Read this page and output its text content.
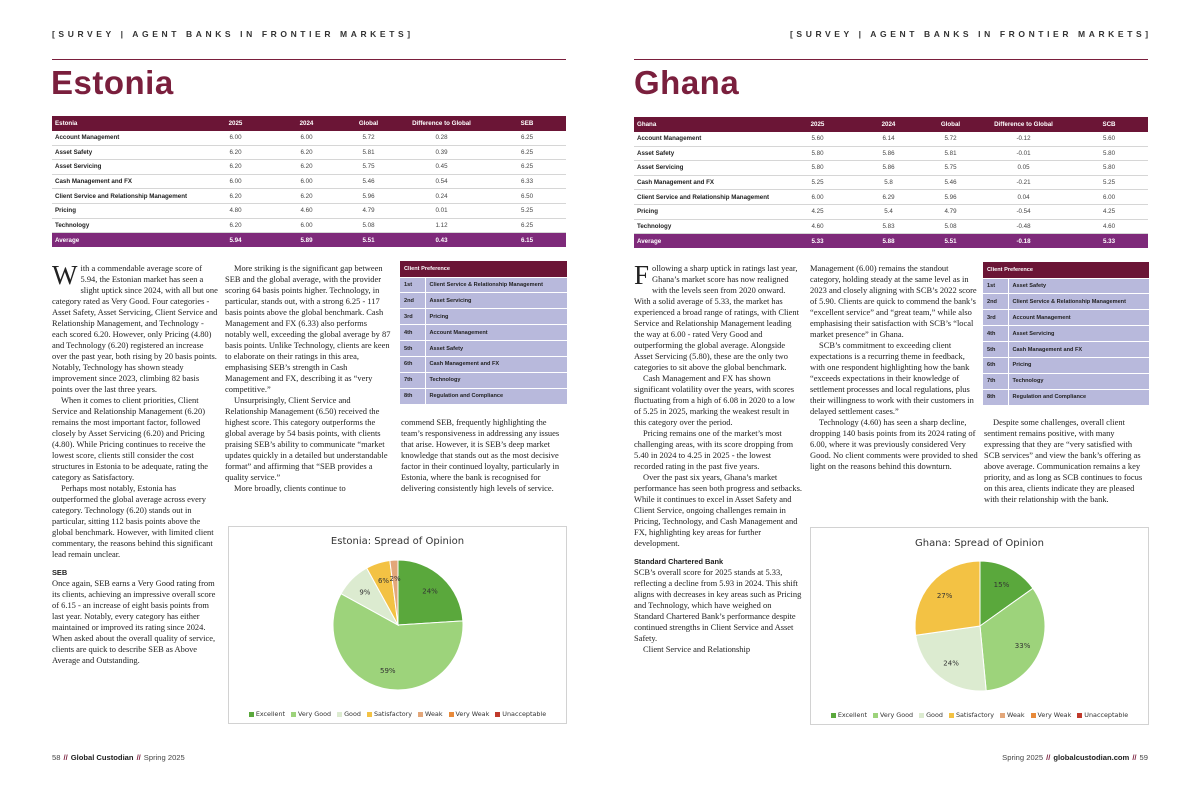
[SURVEY | AGENT BANKS IN FRONTIER MARKETS]	[SURVEY | AGENT BANKS IN FRONTIER MARKETS]
Estonia	Ghana
Estonia	2025	2024	Global	Difference to Global	SEB
Account Management	6.00	6.00	5.72	0.28	6.25
Asset Safety	6.20	6.20	5.81	0.39	6.25
Asset Servicing	6.20	6.20	5.75	0.45	6.25
Cash Management and FX	6.00	6.00	5.46	0.54	6.33
Client Service and Relationship Management	6.20	6.20	5.96	0.24	6.50
Pricing	4.80	4.60	4.79	0.01	5.25
Technology	6.20	6.00	5.08	1.12	6.25
Average	5.94	5.89	5.51	0.43	6.15
Ghana	2025	2024	Global	Difference to Global	SCB
Account Management	5.60	6.14	5.72	-0.12	5.60
Asset Safety	5.80	5.86	5.81	-0.01	5.80
Asset Servicing	5.80	5.86	5.75	0.05	5.80
Cash Management and FX	5.25	5.8	5.46	-0.21	5.25
Client Service and Relationship Management	6.00	6.29	5.96	0.04	6.00
Pricing	4.25	5.4	4.79	-0.54	4.25
Technology	4.60	5.83	5.08	-0.48	4.60
Average	5.33	5.88	5.51	-0.18	5.33

With a commendable average score of 5.94, the Estonian market has seen a slight uptick since 2024, with all but one category rated as Very Good. Four categories - Asset Safety, Asset Servicing, Client Service and Relationship Management, and Technology - each scored 6.20. However, only Pricing (4.80) and Technology (6.20) registered an increase over the past year, both rising by 20 basis points. Notably, Technology has shown steady improvement since 2023, climbing 82 basis points over the last three years.

When it comes to client priorities, Client Service and Relationship Management (6.20) remains the most important factor, followed closely by Asset Servicing (6.20) and Pricing (4.80). While Pricing continues to receive the lowest score, clients still consider the cost structures in Estonia to be adequate, rating the category as Satisfactory.

Perhaps most notably, Estonia has outperformed the global average across every category. Technology (6.20) stands out in particular, sitting 112 basis points above the global benchmark. However, with limited client commentary, the reasons behind this significant lead remain unclear.

SEB

Once again, SEB earns a Very Good rating from its clients, achieving an impressive overall score of 6.15 - an increase of eight basis points from last year. Notably, every category has either maintained or improved its rating since 2024. When asked about the overall quality of service, clients are quick to describe SEB as Above Average and Outstanding.

More striking is the significant gap between SEB and the global average, with the provider scoring 64 basis points higher. Technology, in particular, stands out, with a strong 6.25 - 117 basis points above the global benchmark. Cash Management and FX (6.33) also performs notably well, exceeding the global average by 87 basis points. Unlike Technology, clients are keen to elaborate on their ratings in this area, emphasising SEB’s strength in Cash Management and FX, describing it as “very competitive.”

Unsurprisingly, Client Service and Relationship Management (6.50) received the highest score. This category outperforms the global average by 54 basis points, with clients praising SEB’s ability to communicate “market updates quickly in a detailed but understandable format” and affirming that “SEB provides a quality service.”

More broadly, clients continue to

commend SEB, frequently highlighting the team’s responsiveness in addressing any issues that arise. However, it is SEB’s deep market knowledge that stands out as the most decisive factor in their continued loyalty, particularly in Estonia, where the bank is recognised for delivering consistently high levels of service.

Client Preference	
1st	Client Service & Relationship Management
2nd	Asset Servicing
3rd	Pricing
4th	Account Management
5th	Asset Safety
6th	Cash Management and FX
7th	Technology
8th	Regulation and Compliance

Following a sharp uptick in ratings last year, Ghana’s market score has now realigned with the levels seen from 2020 onward. With a solid average of 5.33, the market has experienced a broad range of ratings, with Client Service and Relationship Management leading the way at 6.00 - rated Very Good and outperforming the global average. Alongside Asset Servicing (5.80), these are the only two categories to sit above the global benchmark.

Cash Management and FX has shown significant volatility over the years, with scores fluctuating from a high of 6.08 in 2020 to a low of 5.25 in 2025, marking the weakest result in this category over the period.

Pricing remains one of the market’s most challenging areas, with its score dropping from 5.40 in 2024 to 4.25 in 2025 - the lowest recorded rating in the past five years.

Over the past six years, Ghana’s market performance has seen both progress and setbacks. While it continues to excel in Asset Safety and Client Service, ongoing challenges remain in Pricing, Technology, and Cash Management and FX, highlighting key areas for further development.

Standard Chartered Bank

SCB’s overall score for 2025 stands at 5.33, reflecting a decline from 5.93 in 2024. This shift aligns with decreases in key areas such as Pricing and Technology, which have weighed on Standard Chartered Bank’s performance despite continued strengths in Client Service and Asset Safety.

Client Service and Relationship

Management (6.00) remains the standout category, holding steady at the same level as in 2023 and closely aligning with SCB’s 2022 score of 5.90. Clients are quick to commend the bank’s “excellent service” and “great team,” while also emphasising their satisfaction with SCB’s “local market presence” in Ghana.

SCB’s commitment to exceeding client expectations is a recurring theme in feedback, with one respondent highlighting how the bank “exceeds expectations in their knowledge of settlement processes and local regulations, plus their willingness to work with their customers in delayed settlement cases.”

Technology (4.60) has seen a sharp decline, dropping 140 basis points from its 2024 rating of 6.00, where it was previously considered Very Good. No client comments were provided to shed light on the reasons behind this downturn.

Despite some challenges, overall client sentiment remains positive, with many expressing that they are “very satisfied with SCB services” and view the bank’s offering as above average. Communication remains a key priority, and as long as SCB continues to focus on this area, clients indicate they are pleased with their relationship with the bank.

Client Preference	
1st	Asset Safety
2nd	Client Service & Relationship Management
3rd	Account Management
4th	Asset Servicing
5th	Cash Management and FX
6th	Pricing
7th	Technology
8th	Regulation and Compliance
Estonia: Spread of Opinion
24%
59%
9%
6% 2%
Excellent Very Good Good Satisfactory Weak Very Weak Unacceptable
Ghana: Spread of Opinion
15%
33%
24%
27%
Excellent Very Good Good Satisfactory Weak Very Weak Unacceptable
58 // Global Custodian // Spring 2025	Spring 2025 // globalcustodian.com // 59
